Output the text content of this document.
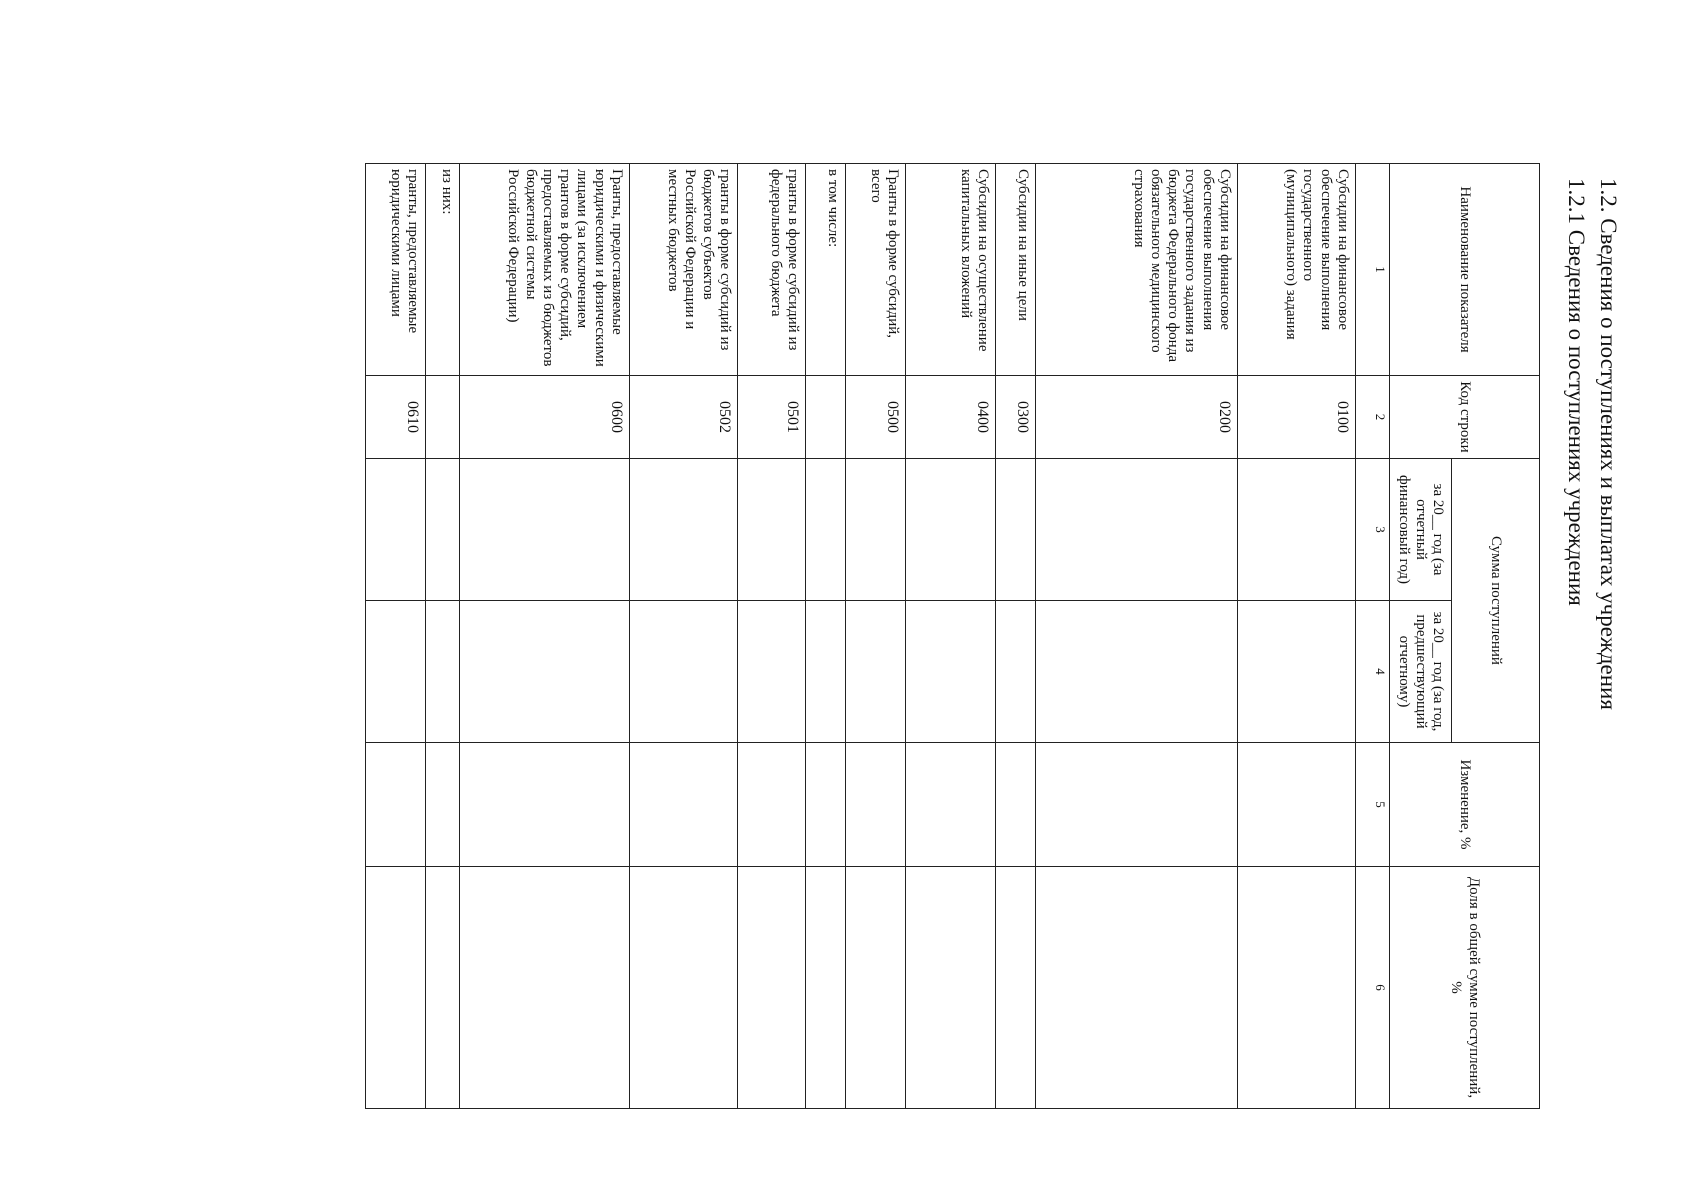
1.2. Сведения о поступлениях и выплатах учреждения
1.2.1 Сведения о поступлениях учреждения
Наименование показателя	Код строки	Сумма поступлений		Изменение, %	Доля в общей сумме поступлений, %
		за 20__ год (за отчетный финансовый год)	за 20__ год (за год, предшествующий отчетному)		
1	2	3	4	5	6
Субсидии на финансовое обеспечение выполнения государственного (муниципального) задания	0100				
Субсидии на финансовое обеспечение выполнения государственного задания из бюджета Федерального фонда обязательного медицинского страхования	0200				
Субсидии на иные цели	0300				
Субсидии на осуществление капитальных вложений	0400				
Гранты в форме субсидий, всего	0500				
в том числе:					
гранты в форме субсидий из федерального бюджета	0501				
гранты в форме субсидий из бюджетов субъектов Российской Федерации и местных бюджетов	0502				
Гранты, предоставляемые юридическими и физическими лицами (за исключением грантов в форме субсидий, предоставляемых из бюджетов бюджетной системы Российской Федерации)	0600				
из них:					
гранты, предоставляемые юридическими лицами	0610				
